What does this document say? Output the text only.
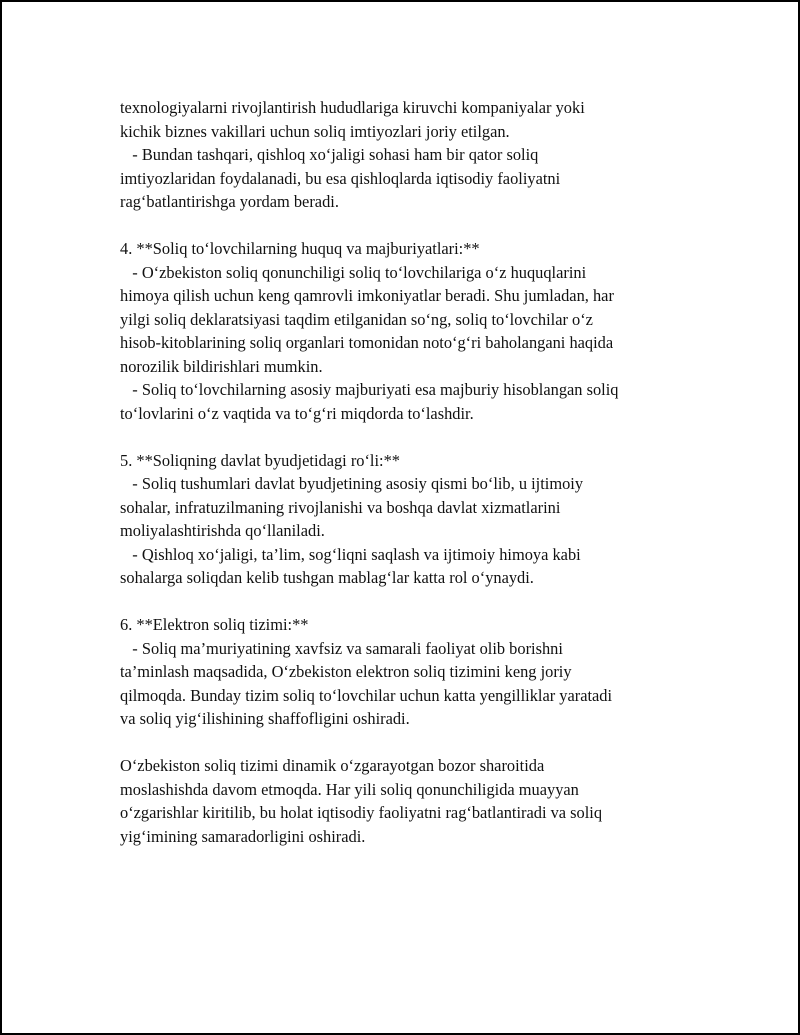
texnologiyalarni rivojlantirish hududlariga kiruvchi kompaniyalar yoki
kichik biznes vakillari uchun soliq imtiyozlari joriy etilgan.
- Bundan tashqari, qishloq xo‘jaligi sohasi ham bir qator soliq
imtiyozlaridan foydalanadi, bu esa qishloqlarda iqtisodiy faoliyatni
rag‘batlantirishga yordam beradi.
4. **Soliq to‘lovchilarning huquq va majburiyatlari:**
- O‘zbekiston soliq qonunchiligi soliq to‘lovchilariga o‘z huquqlarini
himoya qilish uchun keng qamrovli imkoniyatlar beradi. Shu jumladan, har
yilgi soliq deklaratsiyasi taqdim etilganidan so‘ng, soliq to‘lovchilar o‘z
hisob-kitoblarining soliq organlari tomonidan noto‘g‘ri baholangani haqida
norozilik bildirishlari mumkin.
- Soliq to‘lovchilarning asosiy majburiyati esa majburiy hisoblangan soliq
to‘lovlarini o‘z vaqtida va to‘g‘ri miqdorda to‘lashdir.
5. **Soliqning davlat byudjetidagi ro‘li:**
- Soliq tushumlari davlat byudjetining asosiy qismi bo‘lib, u ijtimoiy
sohalar, infratuzilmaning rivojlanishi va boshqa davlat xizmatlarini
moliyalashtirishda qo‘llaniladi.
- Qishloq xo‘jaligi, ta’lim, sog‘liqni saqlash va ijtimoiy himoya kabi
sohalarga soliqdan kelib tushgan mablag‘lar katta rol o‘ynaydi.
6. **Elektron soliq tizimi:**
- Soliq ma’muriyatining xavfsiz va samarali faoliyat olib borishni
ta’minlash maqsadida, O‘zbekiston elektron soliq tizimini keng joriy
qilmoqda. Bunday tizim soliq to‘lovchilar uchun katta yengilliklar yaratadi
va soliq yig‘ilishining shaffofligini oshiradi.
O‘zbekiston soliq tizimi dinamik o‘zgarayotgan bozor sharoitida
moslashishda davom etmoqda. Har yili soliq qonunchiligida muayyan
o‘zgarishlar kiritilib, bu holat iqtisodiy faoliyatni rag‘batlantiradi va soliq
yig‘imining samaradorligini oshiradi.
